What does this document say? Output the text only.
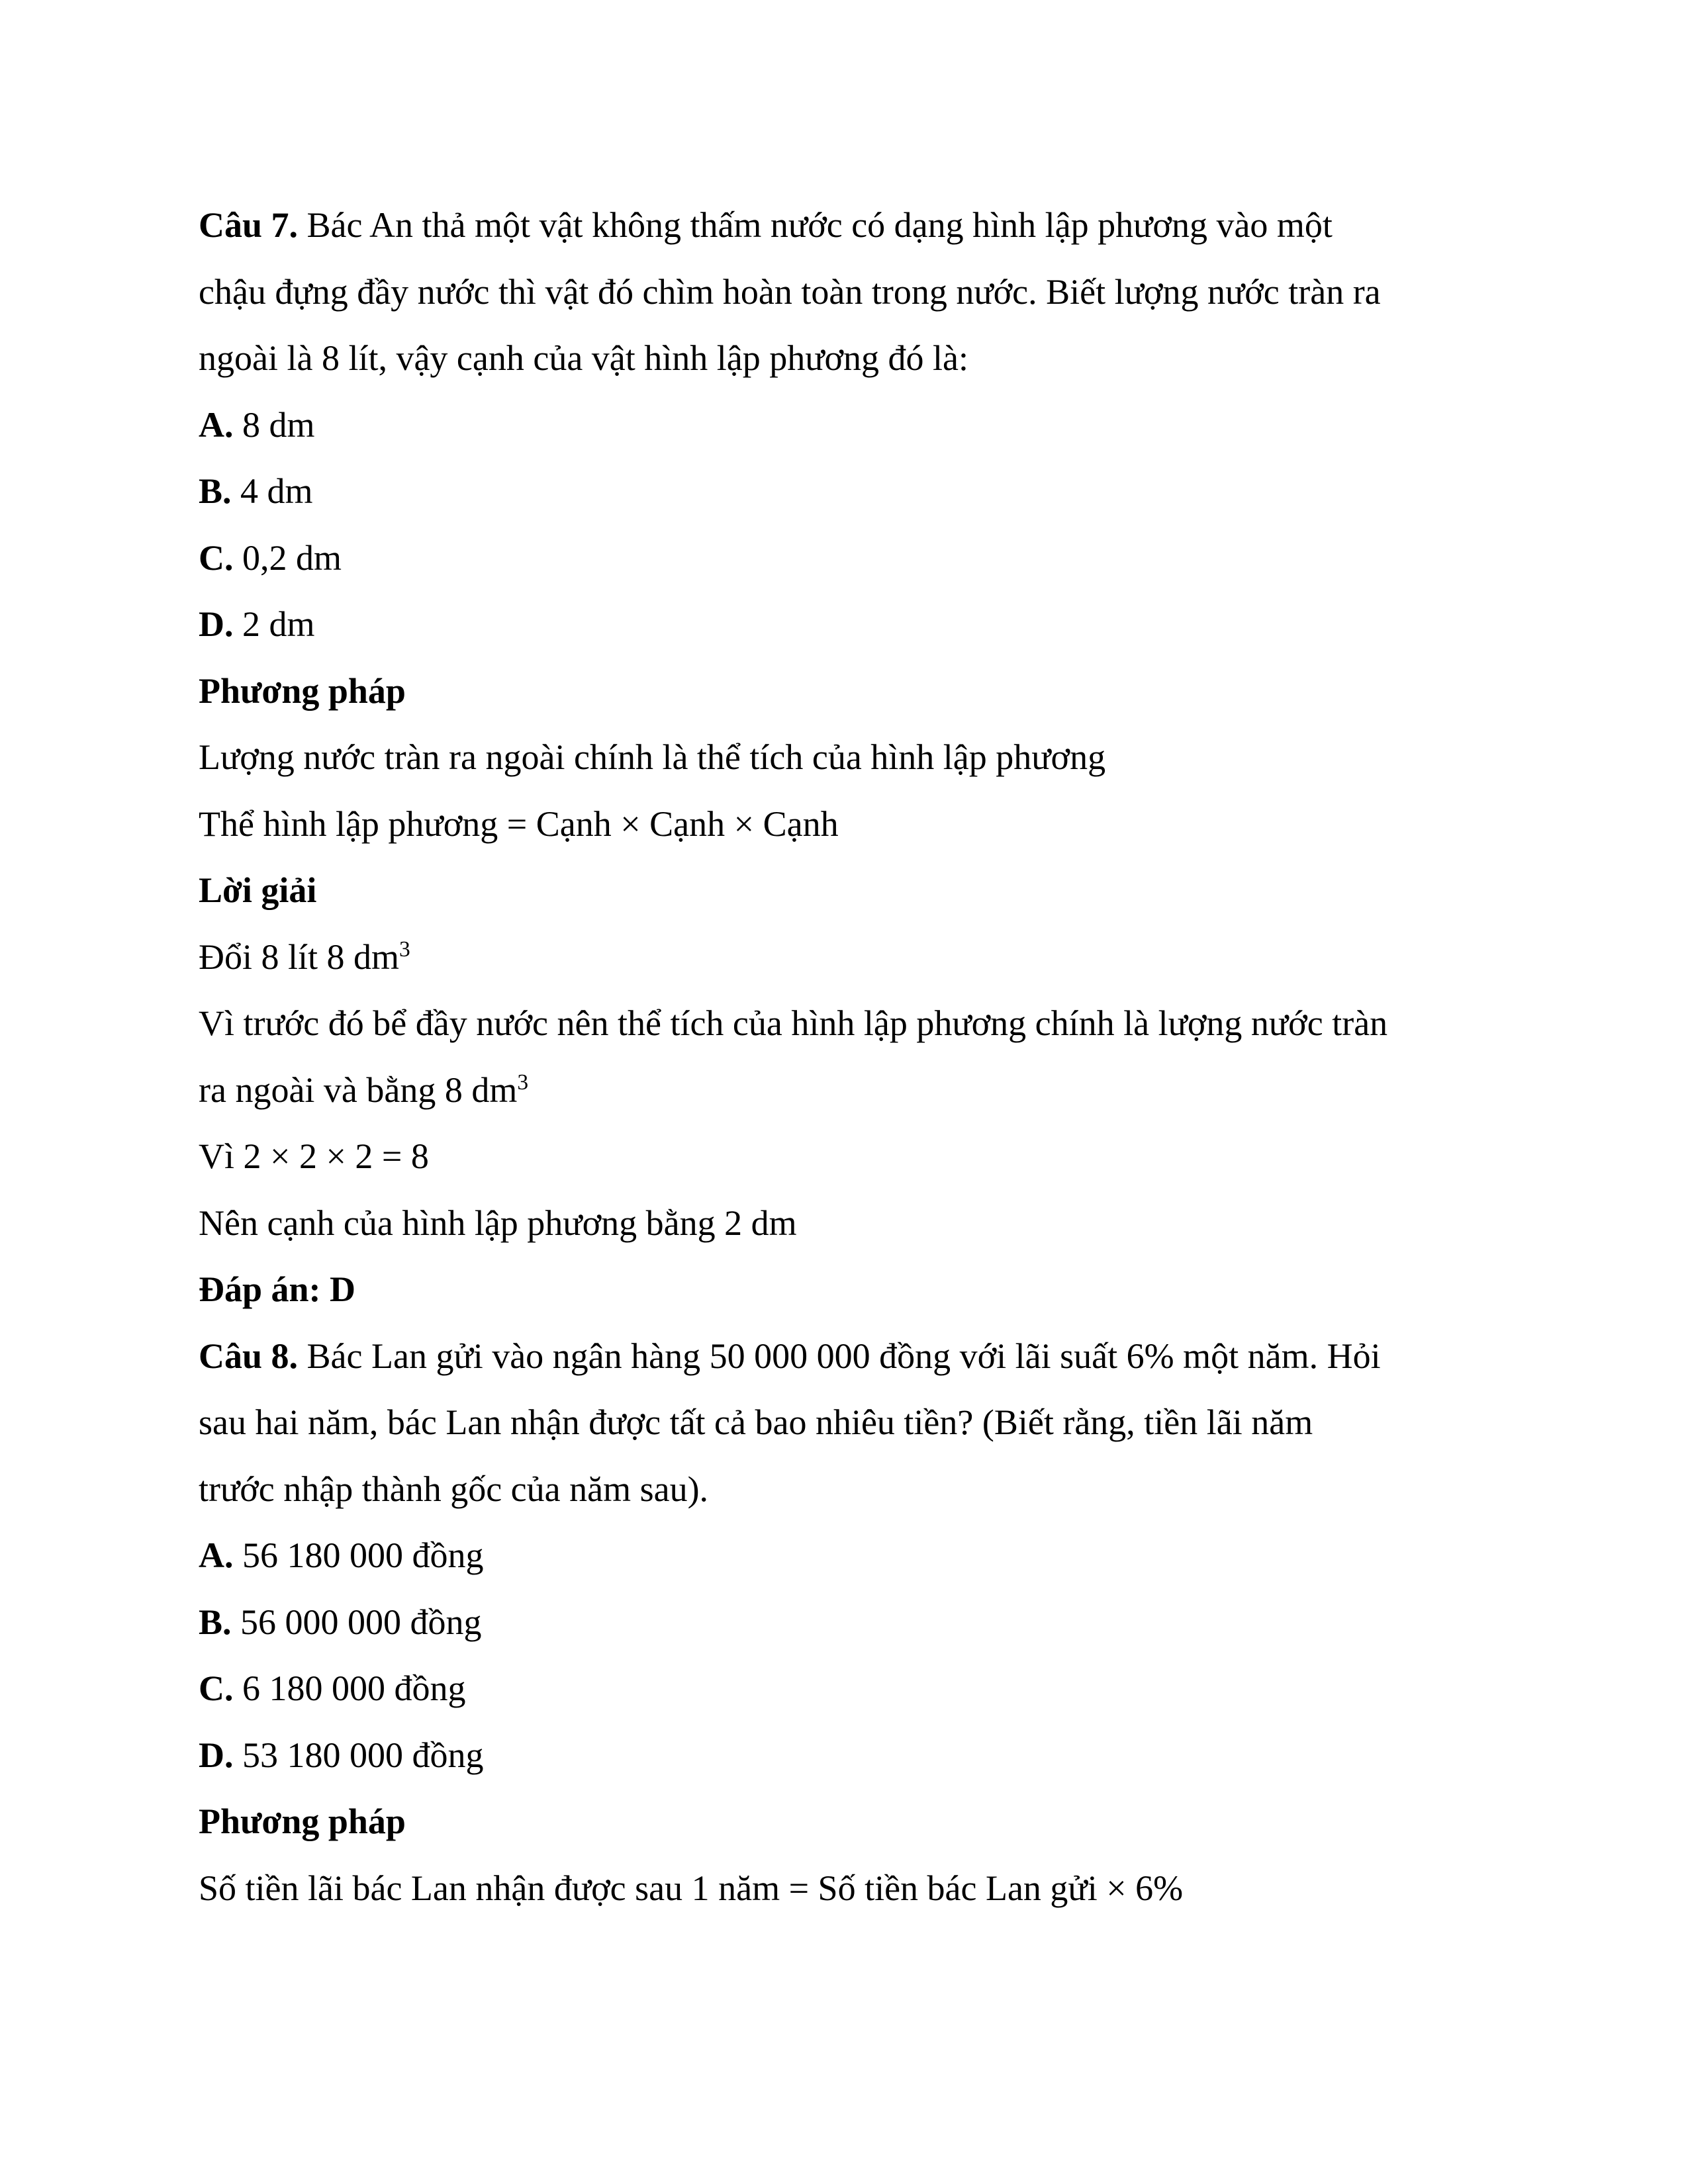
Câu 7. Bác An thả một vật không thấm nước có dạng hình lập phương vào một

chậu đựng đầy nước thì vật đó chìm hoàn toàn trong nước. Biết lượng nước tràn ra

ngoài là 8 lít, vậy cạnh của vật hình lập phương đó là:

A. 8 dm

B. 4 dm

C. 0,2 dm

D. 2 dm

Phương pháp

Lượng nước tràn ra ngoài chính là thể tích của hình lập phương

Thể hình lập phương = Cạnh × Cạnh × Cạnh

Lời giải

Đổi 8 lít 8 $dm^3$

Vì trước đó bể đầy nước nên thể tích của hình lập phương chính là lượng nước tràn

ra ngoài và bằng 8 $dm^3$

Vì 2 × 2 × 2 = 8

Nên cạnh của hình lập phương bằng 2 dm

Đáp án: D

Câu 8. Bác Lan gửi vào ngân hàng 50 000 000 đồng với lãi suất 6% một năm. Hỏi

sau hai năm, bác Lan nhận được tất cả bao nhiêu tiền? (Biết rằng, tiền lãi năm

trước nhập thành gốc của năm sau).

A. 56 180 000 đồng

B. 56 000 000 đồng

C. 6 180 000 đồng

D. 53 180 000 đồng

Phương pháp

Số tiền lãi bác Lan nhận được sau 1 năm = Số tiền bác Lan gửi × 6%
